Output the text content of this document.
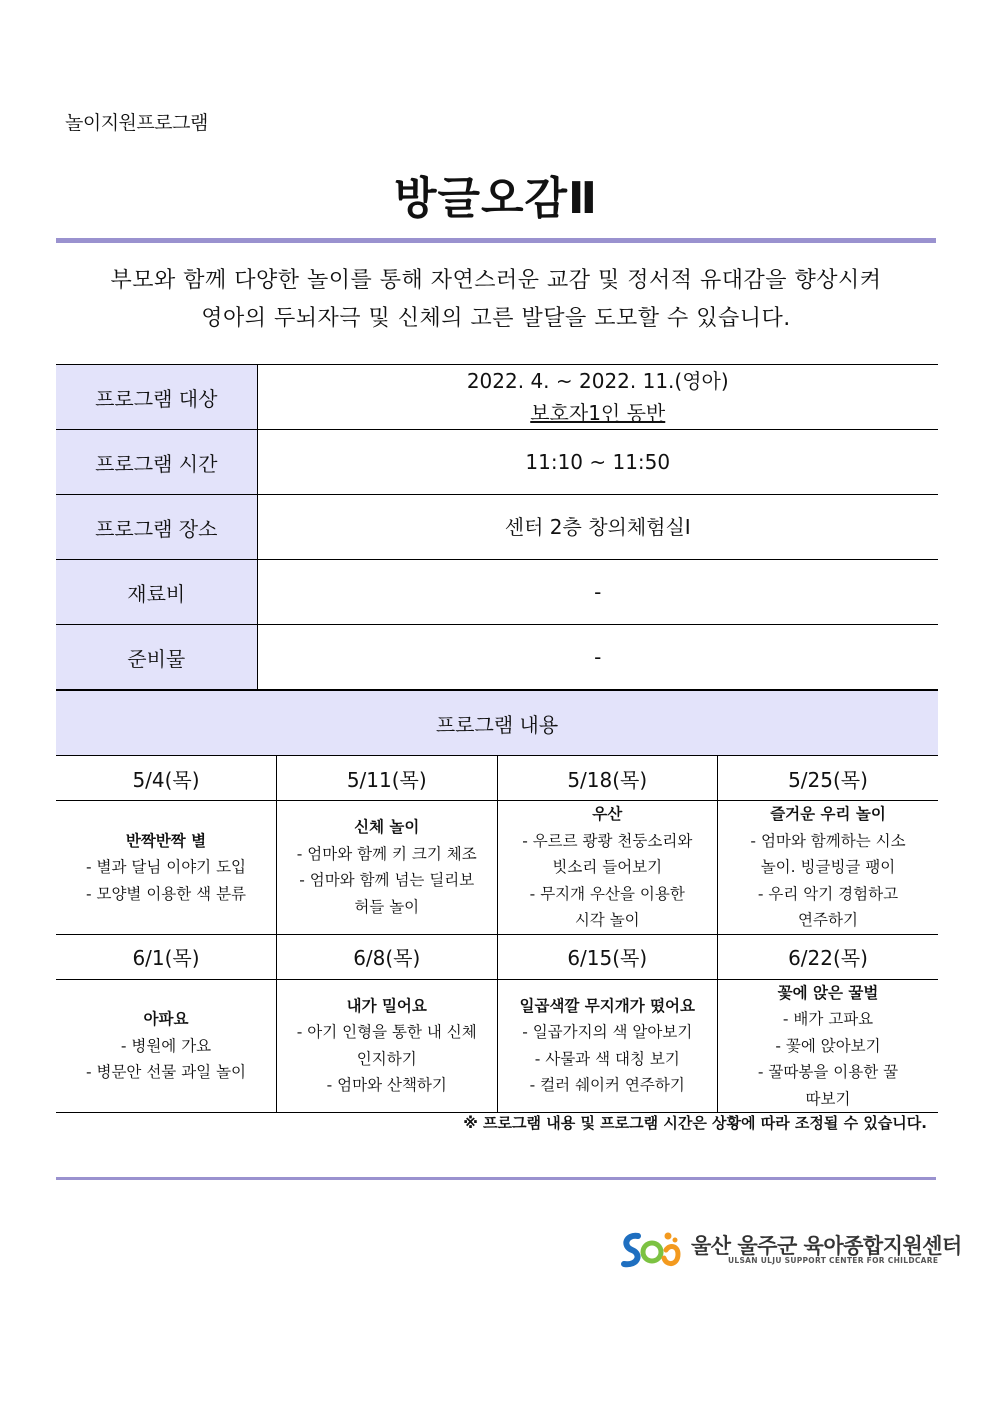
놀이지원프로그램
방글오감Ⅱ
부모와 함께 다양한 놀이를 통해 자연스러운 교감 및 정서적 유대감을 향상시켜
영아의 두뇌자극 및 신체의 고른 발달을 도모할 수 있습니다.
프로그램 대상	2022. 4. ~ 2022. 11.(영아)
보호자1인 동반

프로그램 시간	11:10 ~ 11:50
프로그램 장소	센터 2층 창의체험실Ⅰ
재료비	-
준비물	-
프로그램 내용			
5/4(목)	5/11(목)	5/18(목)	5/25(목)

반짝반짝 별
- 별과 달님 이야기 도입
- 모양별 이용한 색 분류	신체 놀이
- 엄마와 함께 키 크기 체조
- 엄마와 함께 넘는 딜리보
허들 놀이	우산
- 우르르 쾅쾅 천둥소리와
빗소리 들어보기
- 무지개 우산을 이용한
시각 놀이	즐거운 우리 놀이
- 엄마와 함께하는 시소
놀이. 빙글빙글 팽이
- 우리 악기 경험하고
연주하기

6/1(목)	6/8(목)	6/15(목)	6/22(목)

아파요
- 병원에 가요
- 병문안 선물 과일 놀이	내가 밀어요
- 아기 인형을 통한 내 신체
인지하기
- 엄마와 산책하기	일곱색깔 무지개가 떴어요
- 일곱가지의 색 알아보기
- 사물과 색 대칭 보기
- 컬러 쉐이커 연주하기	꽃에 앉은 꿀벌
- 배가 고파요
- 꽃에 앉아보기
- 꿀따봉을 이용한 꿀
따보기
※ 프로그램 내용 및 프로그램 시간은 상황에 따라 조정될 수 있습니다.
울산 울주군 육아종합지원센터
ULSAN ULJU SUPPORT CENTER FOR CHILDCARE
